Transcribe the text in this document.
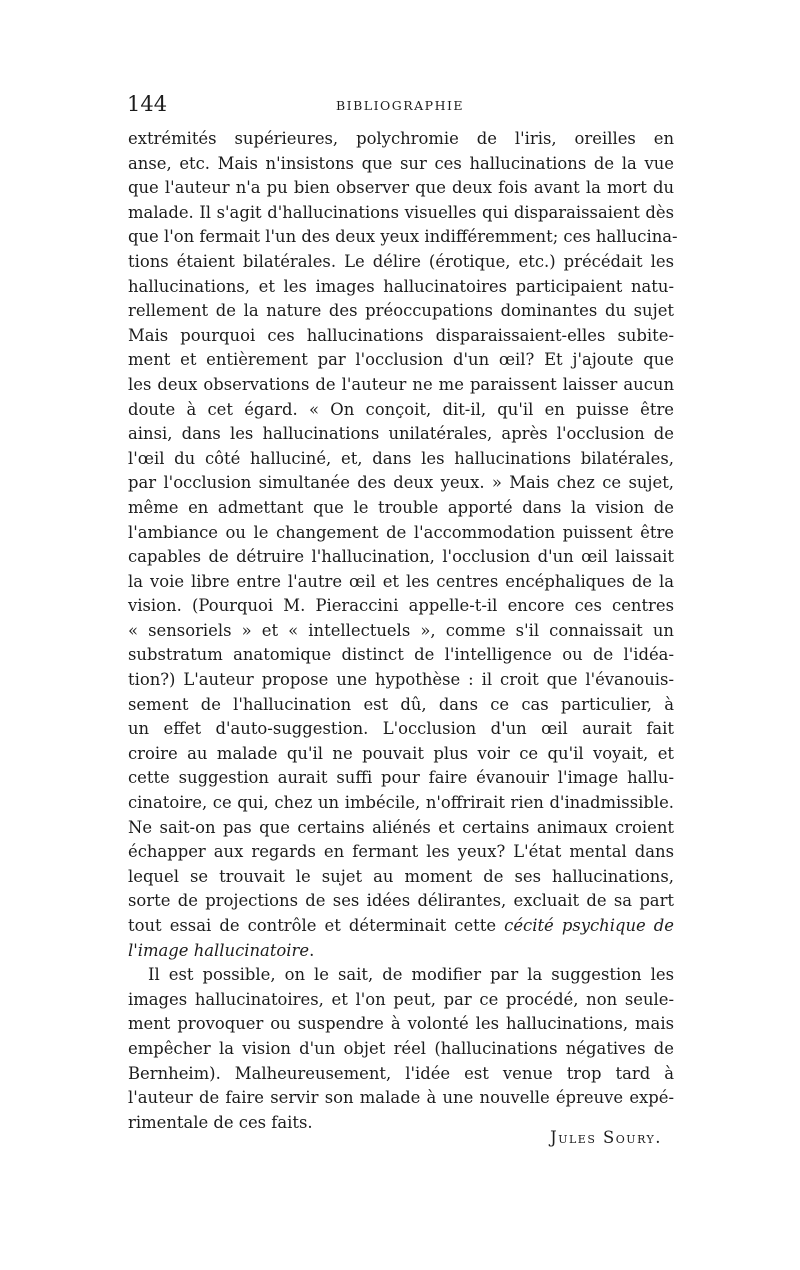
144	BIBLIOGRAPHIE
extrémités supérieures, polychromie de l'iris, oreilles en
anse, etc. Mais n'insistons que sur ces hallucinations de la vue
que l'auteur n'a pu bien observer que deux fois avant la mort du
malade. Il s'agit d'hallucinations visuelles qui disparaissaient dès
que l'on fermait l'un des deux yeux indifféremment; ces hallucina-
tions étaient bilatérales. Le délire (érotique, etc.) précédait les
hallucinations, et les images hallucinatoires participaient natu-
rellement de la nature des préoccupations dominantes du sujet
Mais pourquoi ces hallucinations disparaissaient-elles subite-
ment et entièrement par l'occlusion d'un œil? Et j'ajoute que
les deux observations de l'auteur ne me paraissent laisser aucun
doute à cet égard. « On conçoit, dit-il, qu'il en puisse être
ainsi, dans les hallucinations unilatérales, après l'occlusion de
l'œil du côté halluciné, et, dans les hallucinations bilatérales,
par l'occlusion simultanée des deux yeux. » Mais chez ce sujet,
même en admettant que le trouble apporté dans la vision de
l'ambiance ou le changement de l'accommodation puissent être
capables de détruire l'hallucination, l'occlusion d'un œil laissait
la voie libre entre l'autre œil et les centres encéphaliques de la
vision. (Pourquoi M. Pieraccini appelle-t-il encore ces centres
« sensoriels » et « intellectuels », comme s'il connaissait un
substratum anatomique distinct de l'intelligence ou de l'idéa-
tion?) L'auteur propose une hypothèse : il croit que l'évanouis-
sement de l'hallucination est dû, dans ce cas particulier, à
un effet d'auto-suggestion. L'occlusion d'un œil aurait fait
croire au malade qu'il ne pouvait plus voir ce qu'il voyait, et
cette suggestion aurait suffi pour faire évanouir l'image hallu-
cinatoire, ce qui, chez un imbécile, n'offrirait rien d'inadmissible.
Ne sait-on pas que certains aliénés et certains animaux croient
échapper aux regards en fermant les yeux? L'état mental dans
lequel se trouvait le sujet au moment de ses hallucinations,
sorte de projections de ses idées délirantes, excluait de sa part
tout essai de contrôle et déterminait cette cécité psychique de
l'image hallucinatoire.
Il est possible, on le sait, de modifier par la suggestion les
images hallucinatoires, et l'on peut, par ce procédé, non seule-
ment provoquer ou suspendre à volonté les hallucinations, mais
empêcher la vision d'un objet réel (hallucinations négatives de
Bernheim). Malheureusement, l'idée est venue trop tard à
l'auteur de faire servir son malade à une nouvelle épreuve expé-
rimentale de ces faits.
Jules Soury.
